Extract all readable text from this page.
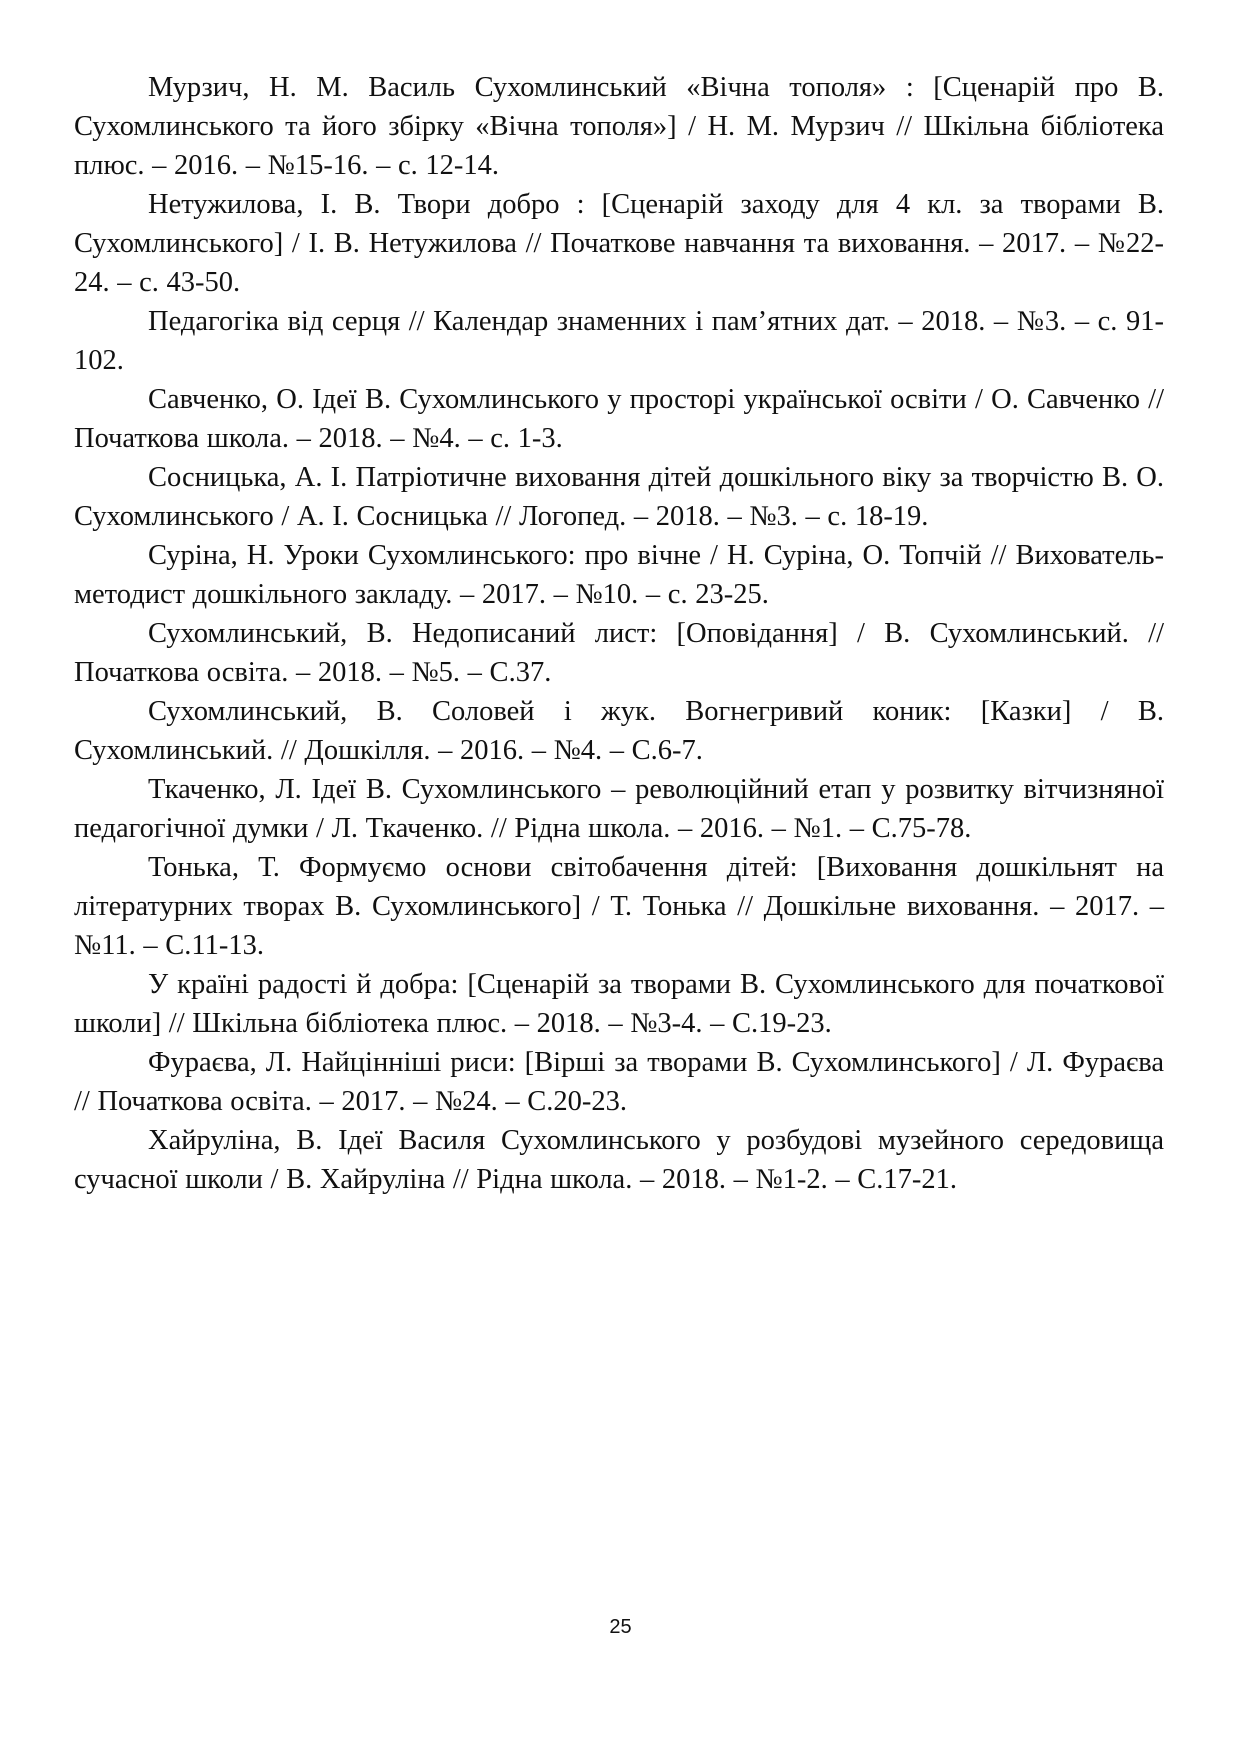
Мурзич, Н. М. Василь Сухомлинський «Вічна тополя» : [Сценарій про В. Сухомлинського та його збірку «Вічна тополя»] / Н. М. Мурзич // Шкільна бібліотека плюс. – 2016. – №15-16. – с. 12-14.

Нетужилова, І. В. Твори добро : [Сценарій заходу для 4 кл. за творами В. Сухомлинського] / І. В. Нетужилова // Початкове навчання та виховання. – 2017. – №22-24. – с. 43-50.

Педагогіка від серця // Календар знаменних і пам’ятних дат. – 2018. – №3. – с. 91-102.

Савченко, О. Ідеї В. Сухомлинського у просторі української освіти / О. Савченко // Початкова школа. – 2018. – №4. – с. 1-3.

Сосницька, А. І. Патріотичне виховання дітей дошкільного віку за творчістю В. О. Сухомлинського / А. І. Сосницька // Логопед. – 2018. – №3. – с. 18-19.

Суріна, Н. Уроки Сухомлинського: про вічне / Н. Суріна, О. Топчій // Вихователь-методист дошкільного закладу. – 2017. – №10. – с. 23-25.

Сухомлинський, В. Недописаний лист: [Оповідання] / В. Сухомлинський. // Початкова освіта. – 2018. – №5. – С.37.

Сухомлинський, В. Соловей і жук. Вогнегривий коник: [Казки] / В. Сухомлинський. // Дошкілля. – 2016. – №4. – С.6-7.

Ткаченко, Л. Ідеї В. Сухомлинського – революційний етап у розвитку вітчизняної педагогічної думки / Л. Ткаченко. // Рідна школа. – 2016. – №1. – С.75-78.

Тонька, Т. Формуємо основи світобачення дітей: [Виховання дошкільнят на літературних творах В. Сухомлинського] / Т. Тонька // Дошкільне виховання. – 2017. – №11. – С.11-13.

У країні радості й добра: [Сценарій за творами В. Сухомлинського для початкової школи] // Шкільна бібліотека плюс. – 2018. – №3-4. – С.19-23.

Фураєва, Л. Найцінніші риси: [Вірші за творами В. Сухомлинського] / Л. Фураєва // Початкова освіта. – 2017. – №24. – С.20-23.

Хайруліна, В. Ідеї Василя Сухомлинського у розбудові музейного середовища сучасної школи / В. Хайруліна // Рідна школа. – 2018. – №1-2. – С.17-21.

25
